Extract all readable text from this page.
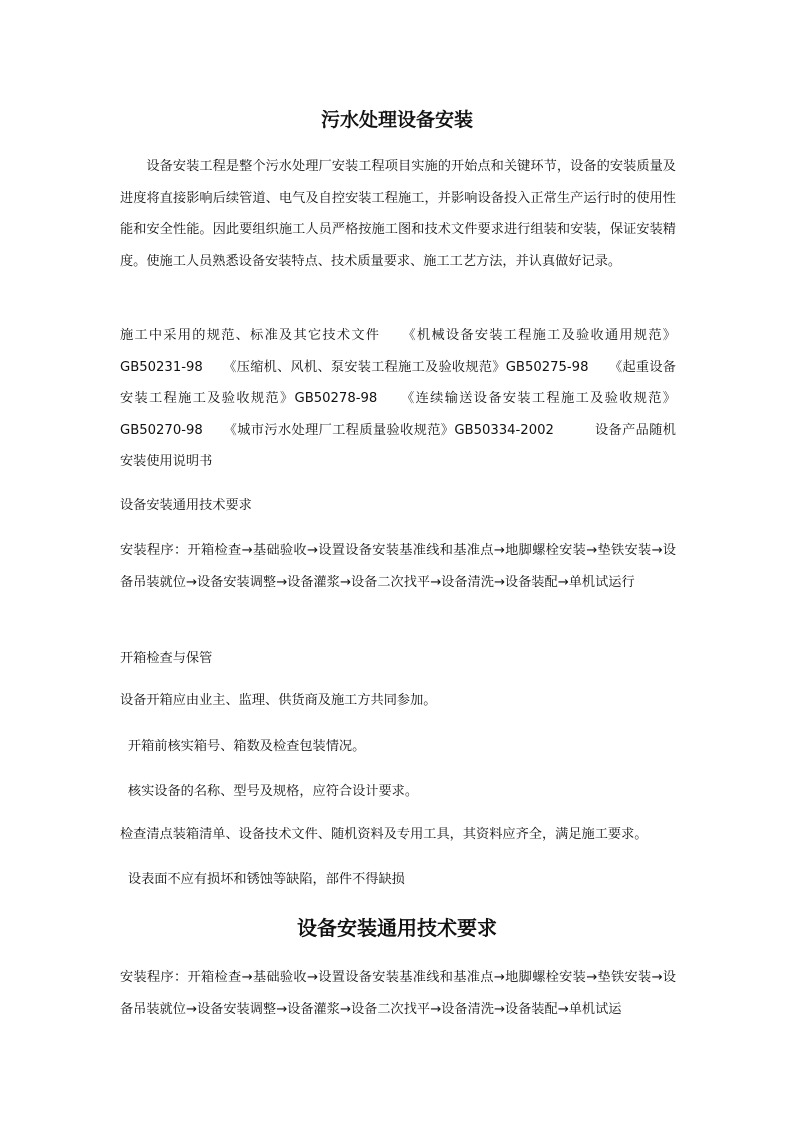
污水处理设备安装

设备安装工程是整个污水处理厂安装工程项目实施的开始点和关键环节，设备的安装质量及进度将直接影响后续管道、电气及自控安装工程施工，并影响设备投入正常生产运行时的使用性能和安全性能。因此要组织施工人员严格按施工图和技术文件要求进行组装和安装，保证安装精度。使施工人员熟悉设备安装特点、技术质量要求、施工工艺方法，并认真做好记录。

施工中采用的规范、标准及其它技术文件　　《机械设备安装工程施工及验收通用规范》GB50231-98　　《压缩机、风机、泵安装工程施工及验收规范》GB50275-98　　《起重设备安装工程施工及验收规范》GB50278-98　　《连续输送设备安装工程施工及验收规范》GB50270-98　　《城市污水处理厂工程质量验收规范》GB50334-2002　　　设备产品随机安装使用说明书

设备安装通用技术要求

安装程序：开箱检查→基础验收→设置设备安装基准线和基准点→地脚螺栓安装→垫铁安装→设备吊装就位→设备安装调整→设备灌浆→设备二次找平→设备清洗→设备装配→单机试运行

开箱检查与保管

设备开箱应由业主、监理、供货商及施工方共同参加。

开箱前核实箱号、箱数及检查包装情况。

核实设备的名称、型号及规格，应符合设计要求。

检查清点装箱清单、设备技术文件、随机资料及专用工具，其资料应齐全，满足施工要求。

设表面不应有损坏和锈蚀等缺陷，部件不得缺损

设备安装通用技术要求

安装程序：开箱检查→基础验收→设置设备安装基准线和基准点→地脚螺栓安装→垫铁安装→设备吊装就位→设备安装调整→设备灌浆→设备二次找平→设备清洗→设备装配→单机试运
